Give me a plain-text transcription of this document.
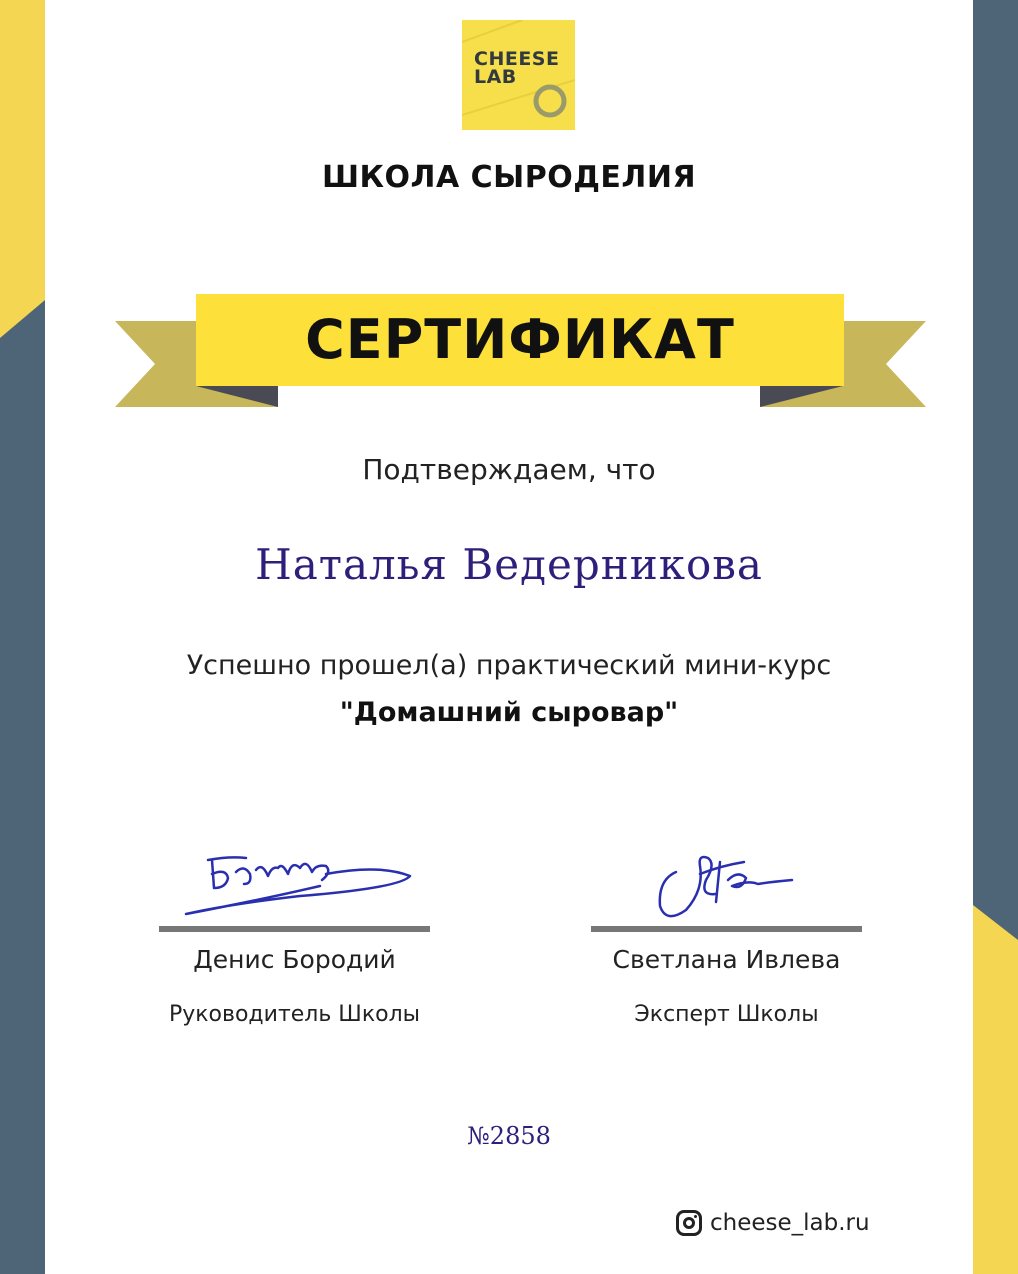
CHEESE
LAB
ШКОЛА СЫРОДЕЛИЯ
СЕРТИФИКАТ
Подтверждаем, что
Наталья Ведерникова
Успешно прошел(а) практический мини-курс
"Домашний сыровар"
Денис Бородий
Руководитель Школы
Светлана Ивлева
Эксперт Школы
№2858
cheese_lab.ru
